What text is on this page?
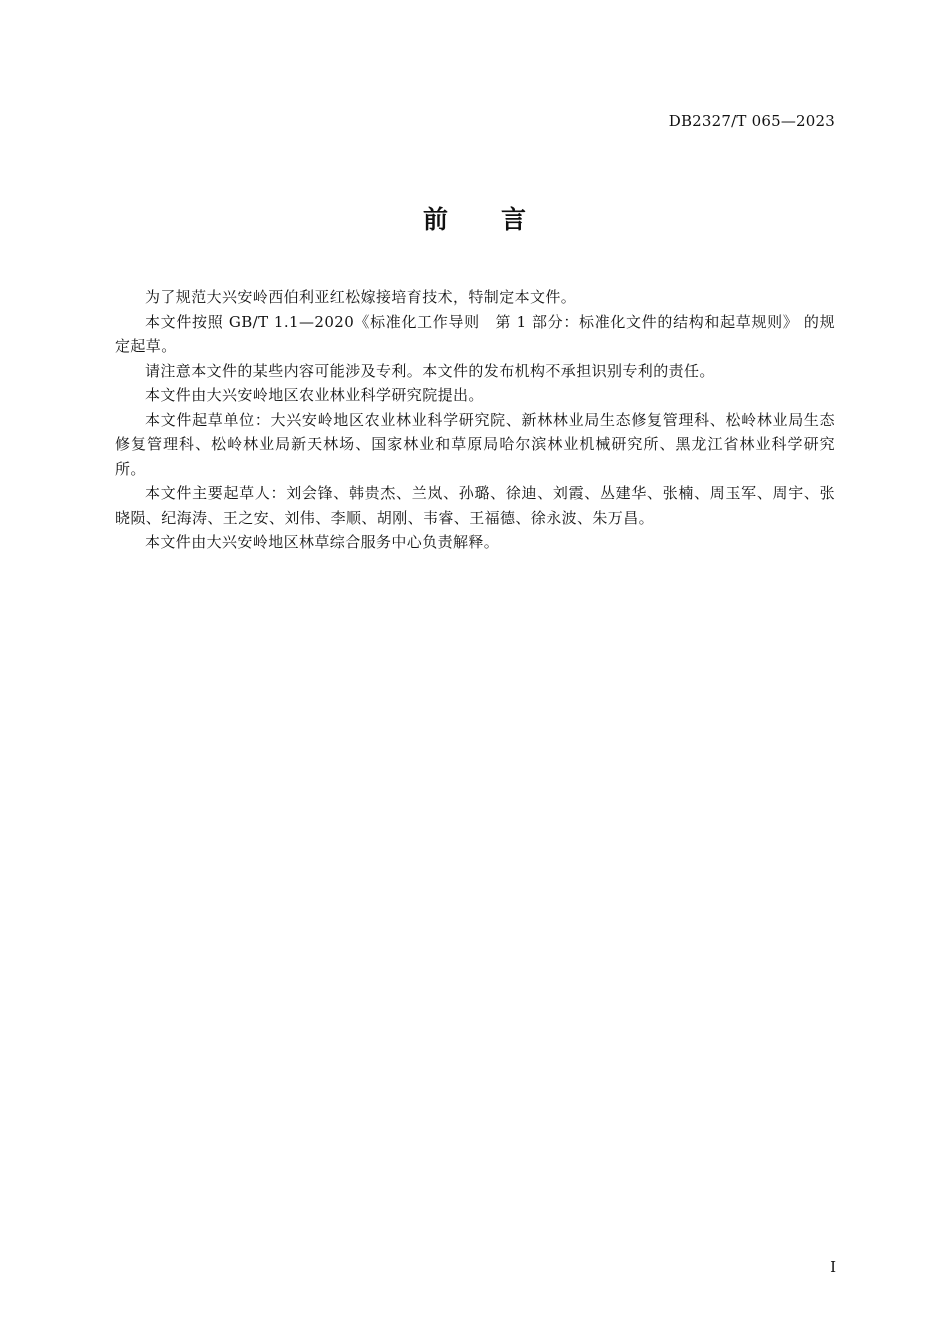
DB2327/T 065—2023
前 言

为了规范大兴安岭西伯利亚红松嫁接培育技术，特制定本文件。

本文件按照 GB/T 1.1—2020《标准化工作导则　第 1 部分：标准化文件的结构和起草规则》 的规定起草。

请注意本文件的某些内容可能涉及专利。本文件的发布机构不承担识别专利的责任。

本文件由大兴安岭地区农业林业科学研究院提出。

本文件起草单位：大兴安岭地区农业林业科学研究院、新林林业局生态修复管理科、松岭林业局生态修复管理科、松岭林业局新天林场、国家林业和草原局哈尔滨林业机械研究所、黑龙江省林业科学研究所。

本文件主要起草人：刘会锋、韩贵杰、兰岚、孙璐、徐迪、刘霞、丛建华、张楠、周玉军、周宇、张晓陨、纪海涛、王之安、刘伟、李顺、胡刚、韦睿、王福德、徐永波、朱万昌。

本文件由大兴安岭地区林草综合服务中心负责解释。

I
